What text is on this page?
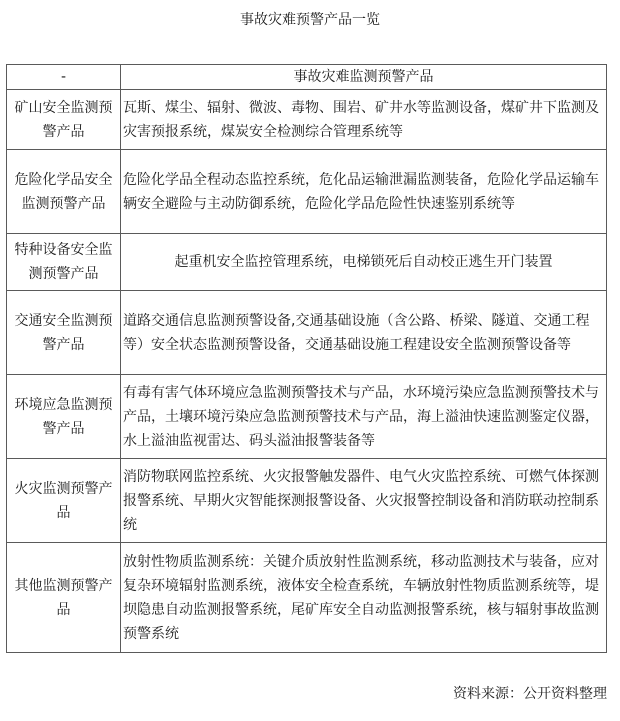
事故灾难预警产品一览
-	事故灾难监测预警产品
矿山安全监测预警产品	瓦斯、煤尘、辐射、微波、毒物、围岩、矿井水等监测设备，煤矿井下监测及灾害预报系统，煤炭安全检测综合管理系统等
危险化学品安全监测预警产品	危险化学品全程动态监控系统，危化品运输泄漏监测装备，危险化学品运输车辆安全避险与主动防御系统，危险化学品危险性快速鉴别系统等
特种设备安全监测预警产品	起重机安全监控管理系统，电梯锁死后自动校正逃生开门装置
交通安全监测预警产品	道路交通信息监测预警设备,交通基础设施（含公路、桥梁、隧道、交通工程等）安全状态监测预警设备，交通基础设施工程建设安全监测预警设备等
环境应急监测预警产品	有毒有害气体环境应急监测预警技术与产品，水环境污染应急监测预警技术与产品，土壤环境污染应急监测预警技术与产品，海上溢油快速监测鉴定仪器，水上溢油监视雷达、码头溢油报警装备等
火灾监测预警产品	消防物联网监控系统、火灾报警触发器件、电气火灾监控系统、可燃气体探测报警系统、早期火灾智能探测报警设备、火灾报警控制设备和消防联动控制系统
其他监测预警产品	放射性物质监测系统：关键介质放射性监测系统，移动监测技术与装备，应对复杂环境辐射监测系统，液体安全检查系统，车辆放射性物质监测系统等，堤坝隐患自动监测报警系统，尾矿库安全自动监测报警系统，核与辐射事故监测预警系统
资料来源：公开资料整理
